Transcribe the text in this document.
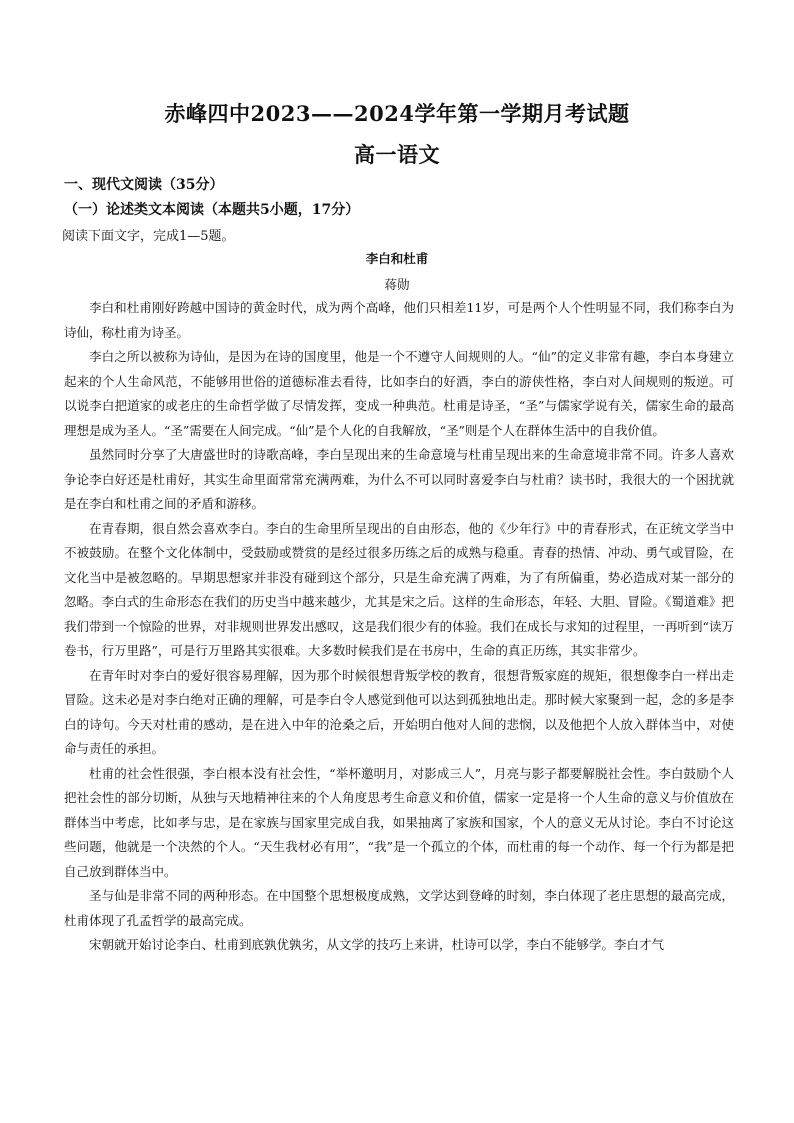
赤峰四中2023——2024学年第一学期月考试题
高一语文
一、现代文阅读（35分）
（一）论述类文本阅读（本题共5小题，17分）
阅读下面文字，完成1—5题。
李白和杜甫
蒋勋

李白和杜甫刚好跨越中国诗的黄金时代，成为两个高峰，他们只相差11岁，可是两个人个性明显不同，我们称李白为诗仙，称杜甫为诗圣。

李白之所以被称为诗仙，是因为在诗的国度里，他是一个不遵守人间规则的人。“仙”的定义非常有趣，李白本身建立起来的个人生命风范，不能够用世俗的道德标准去看待，比如李白的好酒，李白的游侠性格，李白对人间规则的叛逆。可以说李白把道家的或老庄的生命哲学做了尽情发挥，变成一种典范。杜甫是诗圣，“圣”与儒家学说有关，儒家生命的最高理想是成为圣人。“圣”需要在人间完成。“仙”是个人化的自我解放，“圣”则是个人在群体生活中的自我价值。

虽然同时分享了大唐盛世时的诗歌高峰，李白呈现出来的生命意境与杜甫呈现出来的生命意境非常不同。许多人喜欢争论李白好还是杜甫好，其实生命里面常常充满两难，为什么不可以同时喜爱李白与杜甫？读书时，我很大的一个困扰就是在李白和杜甫之间的矛盾和游移。

在青春期，很自然会喜欢李白。李白的生命里所呈现出的自由形态，他的《少年行》中的青春形式，在正统文学当中不被鼓励。在整个文化体制中，受鼓励或赞赏的是经过很多历练之后的成熟与稳重。青春的热情、冲动、勇气或冒险，在文化当中是被忽略的。早期思想家并非没有碰到这个部分，只是生命充满了两难，为了有所偏重，势必造成对某一部分的忽略。李白式的生命形态在我们的历史当中越来越少，尤其是宋之后。这样的生命形态，年轻、大胆、冒险。《蜀道难》把我们带到一个惊险的世界，对非规则世界发出感叹，这是我们很少有的体验。我们在成长与求知的过程里，一再听到“读万卷书，行万里路”，可是行万里路其实很难。大多数时候我们是在书房中，生命的真正历练，其实非常少。

在青年时对李白的爱好很容易理解，因为那个时候很想背叛学校的教育，很想背叛家庭的规矩，很想像李白一样出走冒险。这未必是对李白绝对正确的理解，可是李白令人感觉到他可以达到孤独地出走。那时候大家聚到一起，念的多是李白的诗句。今天对杜甫的感动，是在进入中年的沧桑之后，开始明白他对人间的悲悯，以及他把个人放入群体当中，对使命与责任的承担。

杜甫的社会性很强，李白根本没有社会性，“举杯邀明月，对影成三人”，月亮与影子都要解脱社会性。李白鼓励个人把社会性的部分切断，从独与天地精神往来的个人角度思考生命意义和价值，儒家一定是将一个人生命的意义与价值放在群体当中考虑，比如孝与忠，是在家族与国家里完成自我，如果抽离了家族和国家，个人的意义无从讨论。李白不讨论这些问题，他就是一个决然的个人。“天生我材必有用”，“我”是一个孤立的个体，而杜甫的每一个动作、每一个行为都是把自己放到群体当中。

圣与仙是非常不同的两种形态。在中国整个思想极度成熟，文学达到登峰的时刻，李白体现了老庄思想的最高完成，杜甫体现了孔孟哲学的最高完成。

宋朝就开始讨论李白、杜甫到底孰优孰劣，从文学的技巧上来讲，杜诗可以学，李白不能够学。李白才气
